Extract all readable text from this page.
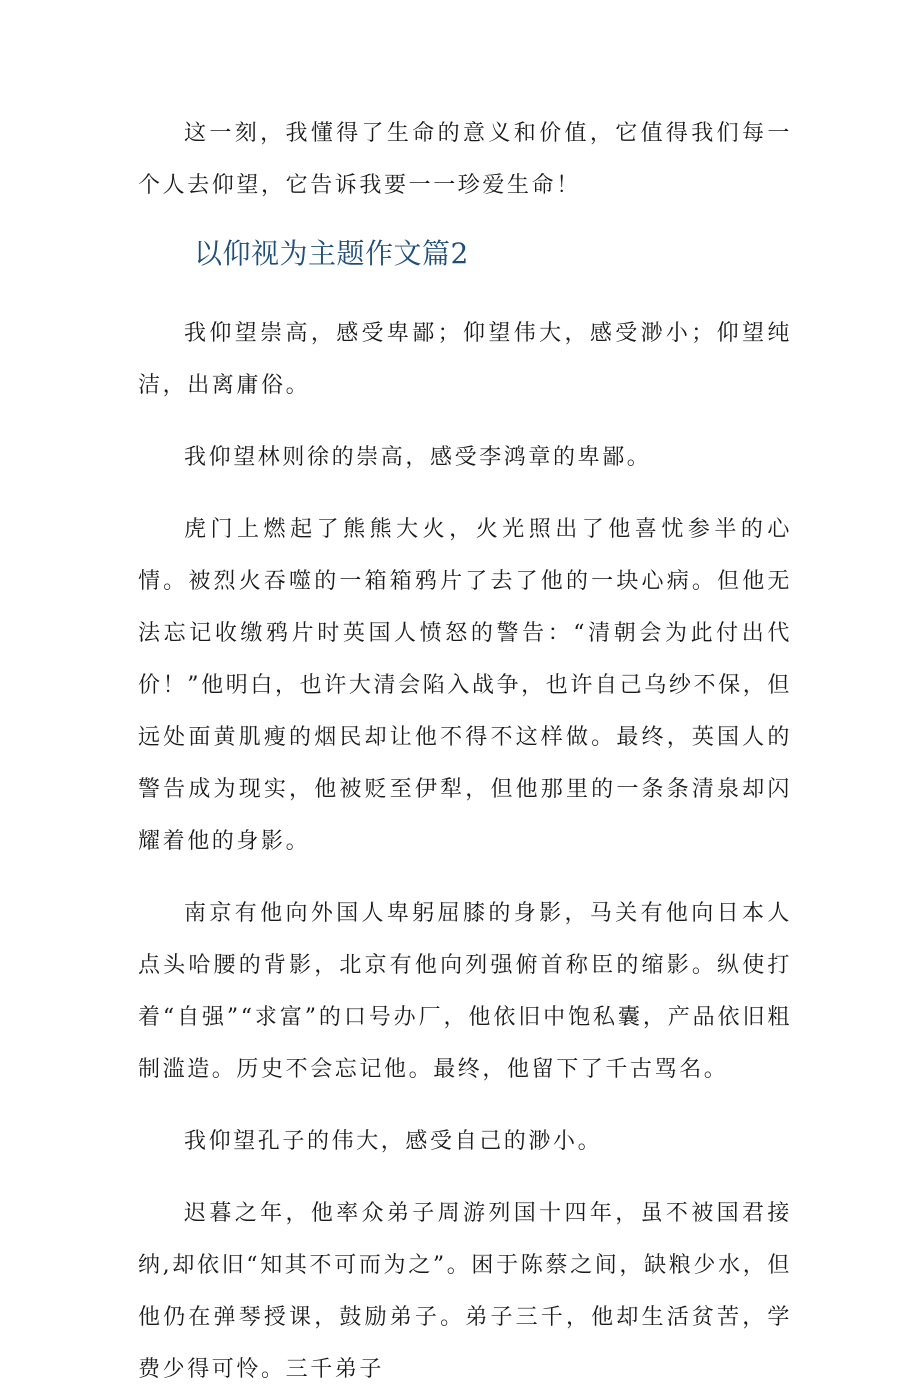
这一刻，我懂得了生命的意义和价值，它值得我们每一个人去仰望，它告诉我要一一珍爱生命！

以仰视为主题作文篇2

我仰望崇高，感受卑鄙；仰望伟大，感受渺小；仰望纯洁，出离庸俗。

我仰望林则徐的崇高，感受李鸿章的卑鄙。

虎门上燃起了熊熊大火，火光照出了他喜忧参半的心情。被烈火吞噬的一箱箱鸦片了去了他的一块心病。但他无法忘记收缴鸦片时英国人愤怒的警告：“清朝会为此付出代价！”他明白，也许大清会陷入战争，也许自己乌纱不保，但远处面黄肌瘦的烟民却让他不得不这样做。最终，英国人的警告成为现实，他被贬至伊犁，但他那里的一条条清泉却闪耀着他的身影。

南京有他向外国人卑躬屈膝的身影，马关有他向日本人点头哈腰的背影，北京有他向列强俯首称臣的缩影。纵使打着“自强”“求富”的口号办厂，他依旧中饱私囊，产品依旧粗制滥造。历史不会忘记他。最终，他留下了千古骂名。

我仰望孔子的伟大，感受自己的渺小。

迟暮之年，他率众弟子周游列国十四年，虽不被国君接纳,却依旧“知其不可而为之”。困于陈蔡之间，缺粮少水，但他仍在弹琴授课，鼓励弟子。弟子三千，他却生活贫苦，学费少得可怜。三千弟子
